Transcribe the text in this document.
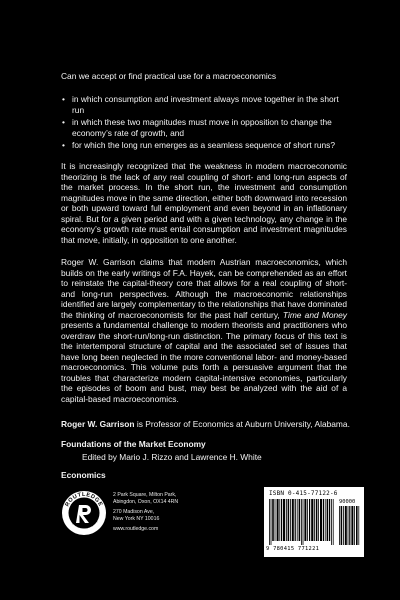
Can we accept or find practical use for a macroeconomics
• in which consumption and investment always move together in the short run
• in which these two magnitudes must move in opposition to change the economy’s rate of growth, and
• for which the long run emerges as a seamless sequence of short runs?

It is increasingly recognized that the weakness in modern macroeconomic theorizing is the lack of any real coupling of short- and long-run aspects of the market process. In the short run, the investment and consumption magnitudes move in the same direction, either both downward into recession or both upward toward full employment and even beyond in an inflationary spiral. But for a given period and with a given technology, any change in the economy’s growth rate must entail consumption and investment magnitudes that move, initially, in opposition to one another.

Roger W. Garrison claims that modern Austrian macroeconomics, which builds on the early writings of F.A. Hayek, can be comprehended as an effort to reinstate the capital-theory core that allows for a real coupling of short- and long-run perspectives. Although the macroeconomic relationships identified are largely complementary to the relationships that have dominated the thinking of macroeconomists for the past half century, Time and Money presents a fundamental challenge to modern theorists and practitioners who overdraw the short-run/long-run distinction. The primary focus of this text is the intertemporal structure of capital and the associated set of issues that have long been neglected in the more conventional labor- and money-based macroeconomics. This volume puts forth a persuasive argument that the troubles that characterize modern capital-intensive economies, particularly the episodes of boom and bust, may best be analyzed with the aid of a capital-based macroeconomics.

Roger W. Garrison is Professor of Economics at Auburn University, Alabama.
Foundations of the Market Economy
Edited by Mario J. Rizzo and Lawrence H. White
Economics
ROUTLEDGE
Taylor & Francis Group
2 Park Square, Milton Park,
Abingdon, Oxon, OX14 4RN
270 Madison Ave,
New York NY 10016
www.routledge.com
ISBN 0-415-77122-6
90000
9 780415 771221
